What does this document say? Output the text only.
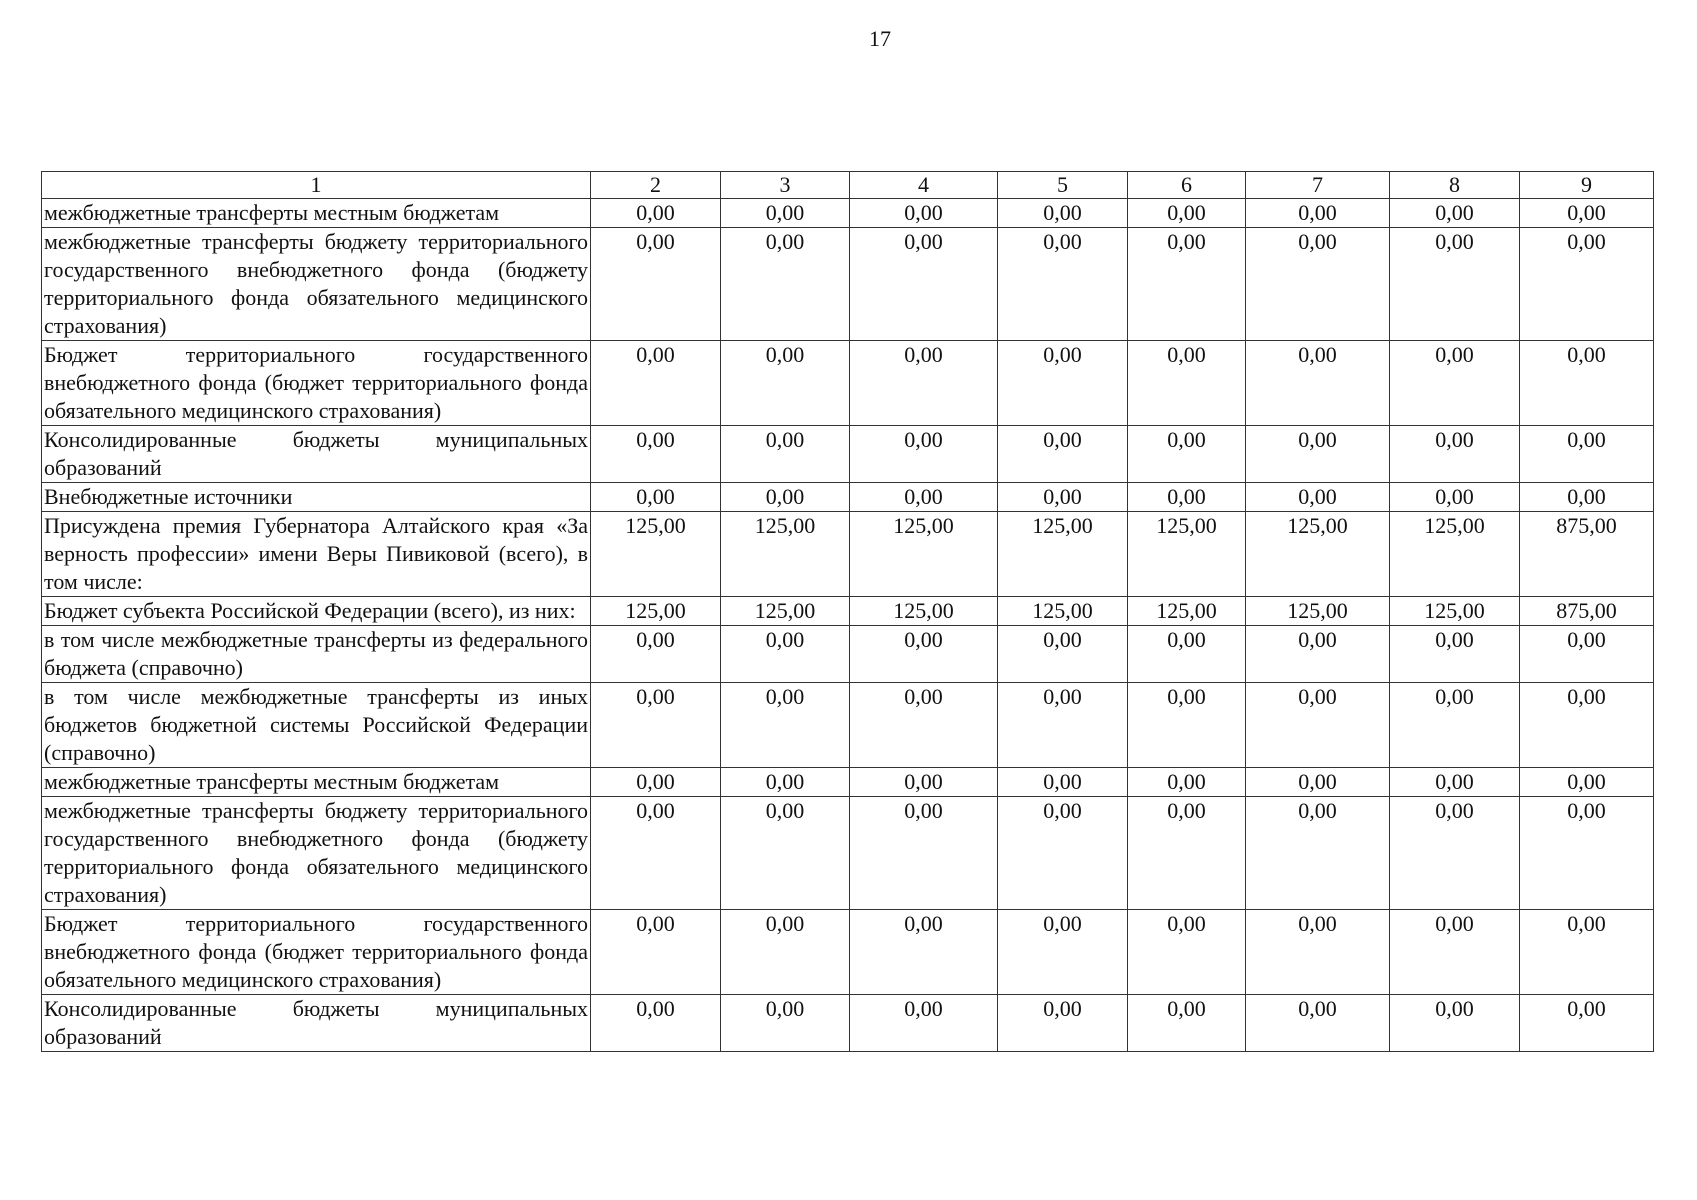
17
1	2	3	4	5	6	7	8	9
межбюджетные трансферты местным бюджетам	0,00	0,00	0,00	0,00	0,00	0,00	0,00	0,00
межбюджетные трансферты бюджету территориального государственного внебюджетного фонда (бюджету территориального фонда обязательного медицинского страхования)	0,00	0,00	0,00	0,00	0,00	0,00	0,00	0,00
Бюджет территориального государственного внебюджетного фонда (бюджет территориального фонда обязательного медицинского страхования)	0,00	0,00	0,00	0,00	0,00	0,00	0,00	0,00
Консолидированные бюджеты муниципальных образований	0,00	0,00	0,00	0,00	0,00	0,00	0,00	0,00
Внебюджетные источники	0,00	0,00	0,00	0,00	0,00	0,00	0,00	0,00
Присуждена премия Губернатора Алтайского края «За верность профессии» имени Веры Пивиковой (всего), в том числе:	125,00	125,00	125,00	125,00	125,00	125,00	125,00	875,00
Бюджет субъекта Российской Федерации (всего), из них:	125,00	125,00	125,00	125,00	125,00	125,00	125,00	875,00
в том числе межбюджетные трансферты из федерального бюджета (справочно)	0,00	0,00	0,00	0,00	0,00	0,00	0,00	0,00
в том числе межбюджетные трансферты из иных бюджетов бюджетной системы Российской Федерации (справочно)	0,00	0,00	0,00	0,00	0,00	0,00	0,00	0,00
межбюджетные трансферты местным бюджетам	0,00	0,00	0,00	0,00	0,00	0,00	0,00	0,00
межбюджетные трансферты бюджету территориального государственного внебюджетного фонда (бюджету территориального фонда обязательного медицинского страхования)	0,00	0,00	0,00	0,00	0,00	0,00	0,00	0,00
Бюджет территориального государственного внебюджетного фонда (бюджет территориального фонда обязательного медицинского страхования)	0,00	0,00	0,00	0,00	0,00	0,00	0,00	0,00
Консолидированные бюджеты муниципальных образований	0,00	0,00	0,00	0,00	0,00	0,00	0,00	0,00
